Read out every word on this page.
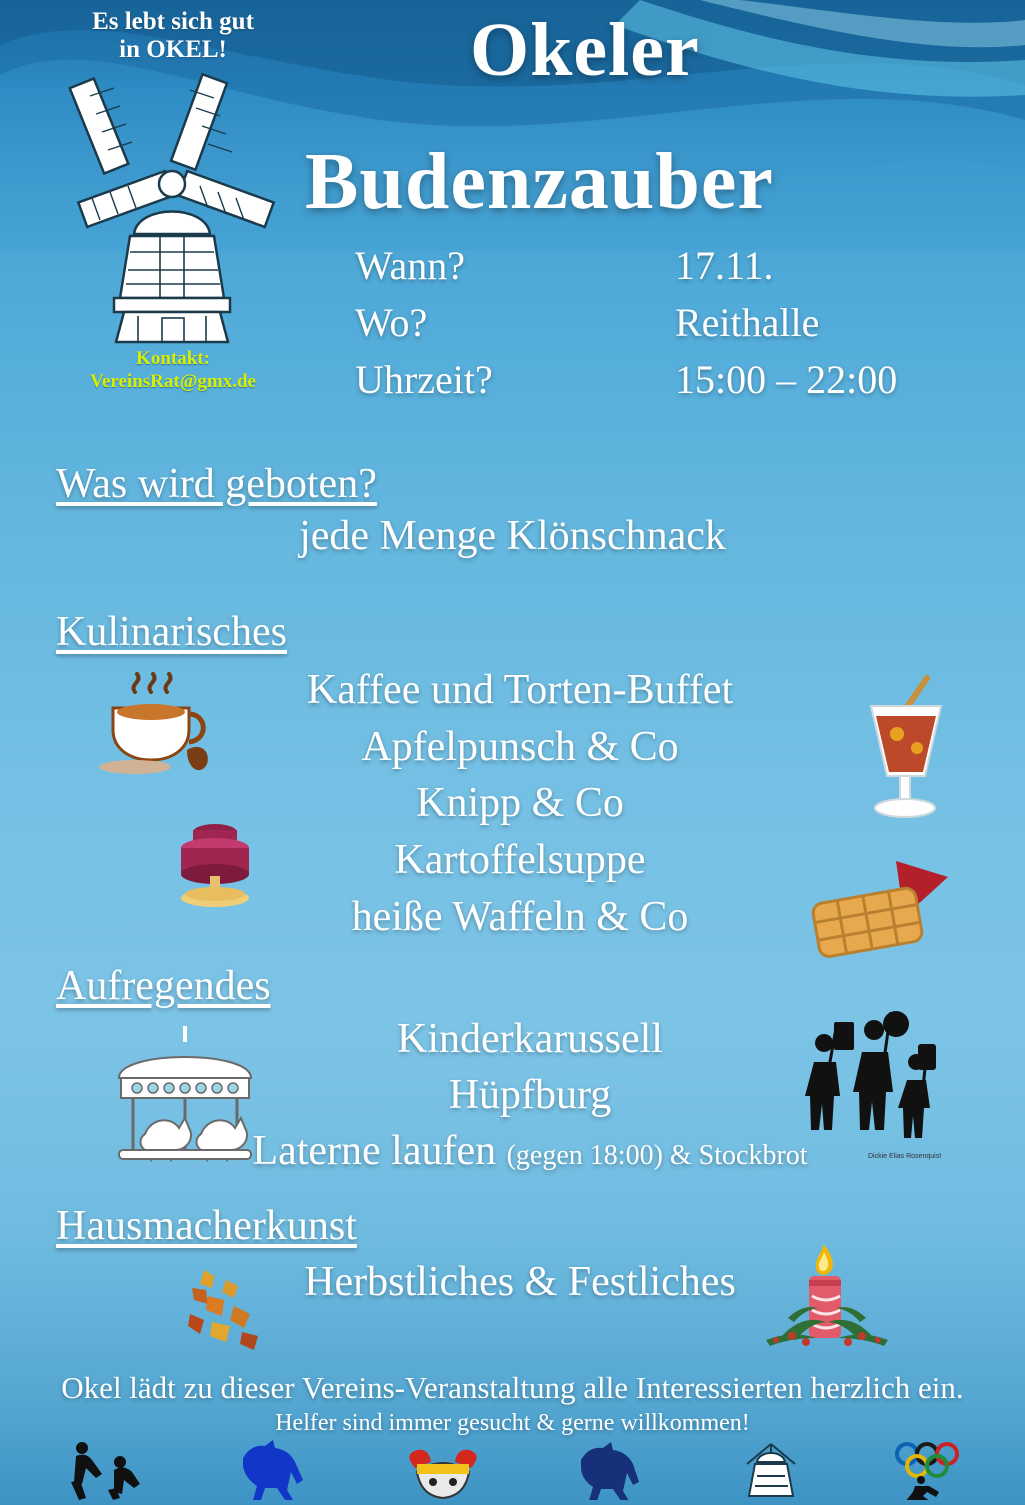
Es lebt sich gut
in OKEL!
Kontakt:
VereinsRat@gmx.de
Okeler
Budenzauber
Wann?	17.11.
Wo?	Reithalle
Uhrzeit?	15:00 – 22:00
Was wird geboten?
jede Menge Klönschnack
Kulinarisches
Kaffee und Torten-Buffet
Apfelpunsch & Co
Knipp & Co
Kartoffelsuppe
heiße Waffeln & Co
Aufregendes
Kinderkarussell
Hüpfburg
Laterne laufen (gegen 18:00) & Stockbrot	Dickie Elias Rosenquist
Hausmacherkunst
Herbstliches & Festliches
Okel lädt zu dieser Vereins-Veranstaltung alle Interessierten herzlich ein.
Helfer sind immer gesucht & gerne willkommen!
